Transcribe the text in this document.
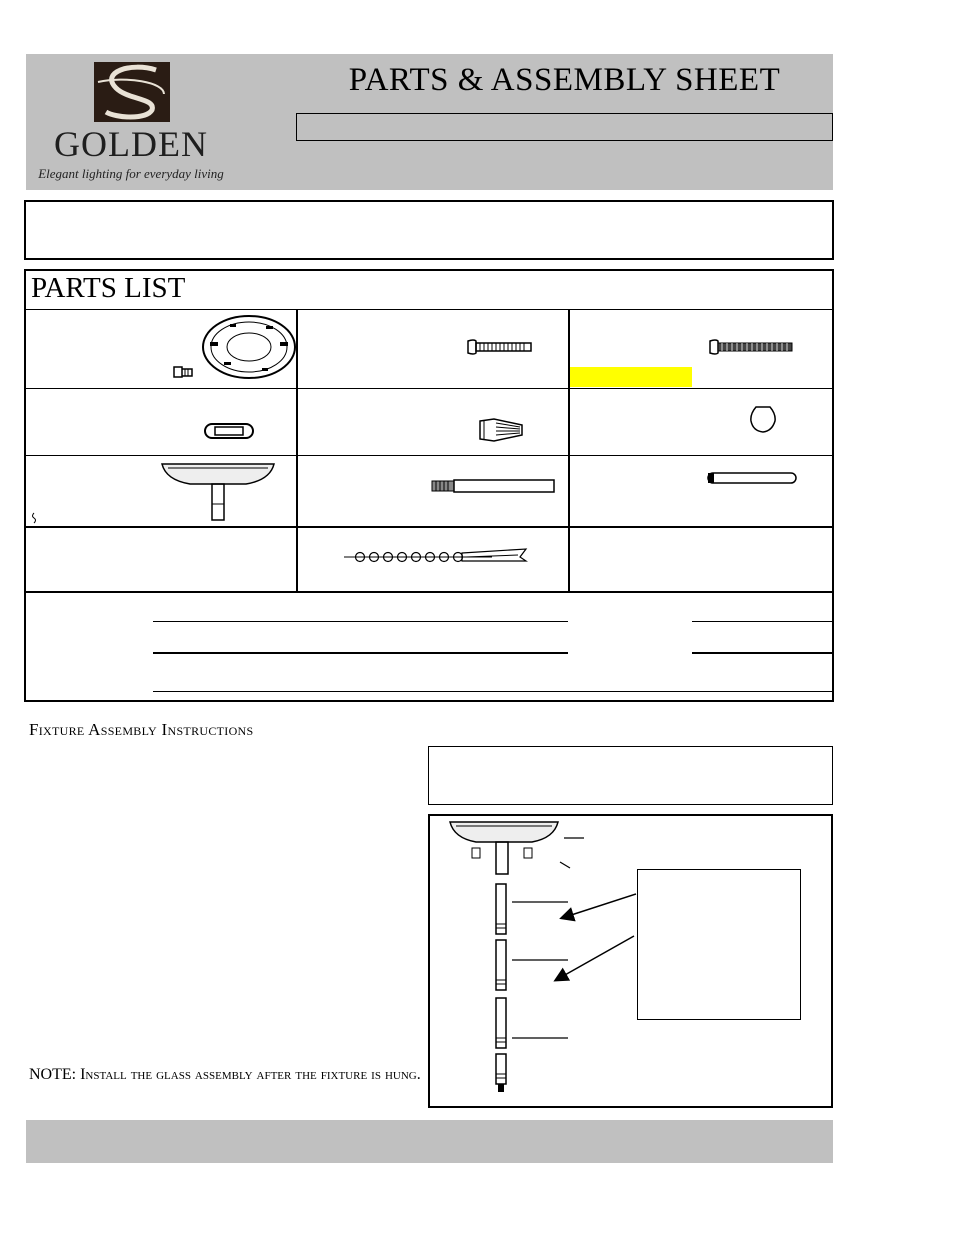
GOLDEN
Elegant lighting for everyday living
PARTS & ASSEMBLY SHEET
PARTS LIST
Fixture Assembly Instructions
NOTE: Install the glass assembly after the fixture is hung.
